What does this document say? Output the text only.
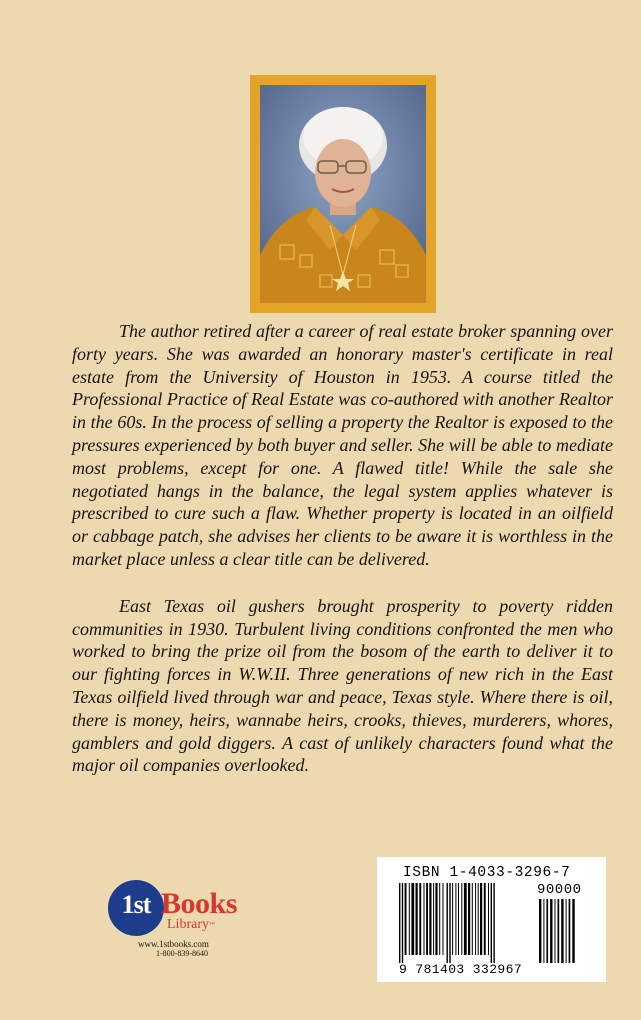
The author retired after a career of real estate broker spanning over forty years. She was awarded an honorary master's certificate in real estate from the University of Houston in 1953. A course titled the Professional Practice of Real Estate was co-authored with another Realtor in the 60s. In the process of selling a property the Realtor is exposed to the pressures experienced by both buyer and seller. She will be able to mediate most problems, except for one. A flawed title! While the sale she negotiated hangs in the balance, the legal system applies whatever is prescribed to cure such a flaw. Whether property is located in an oilfield or cabbage patch, she advises her clients to be aware it is worthless in the market place unless a clear title can be delivered.

East Texas oil gushers brought prosperity to poverty ridden communities in 1930. Turbulent living conditions confronted the men who worked to bring the prize oil from the bosom of the earth to deliver it to our fighting forces in W.W.II. Three generations of new rich in the East Texas oilfield lived through war and peace, Texas style. Where there is oil, there is money, heirs, wannabe heirs, crooks, thieves, murderers, whores, gamblers and gold diggers. A cast of unlikely characters found what the major oil companies overlooked.

1st Books
Library™
www.1stbooks.com
1-800-839-8640
ISBN 1-4033-3296-7
90000
9 781403 332967
